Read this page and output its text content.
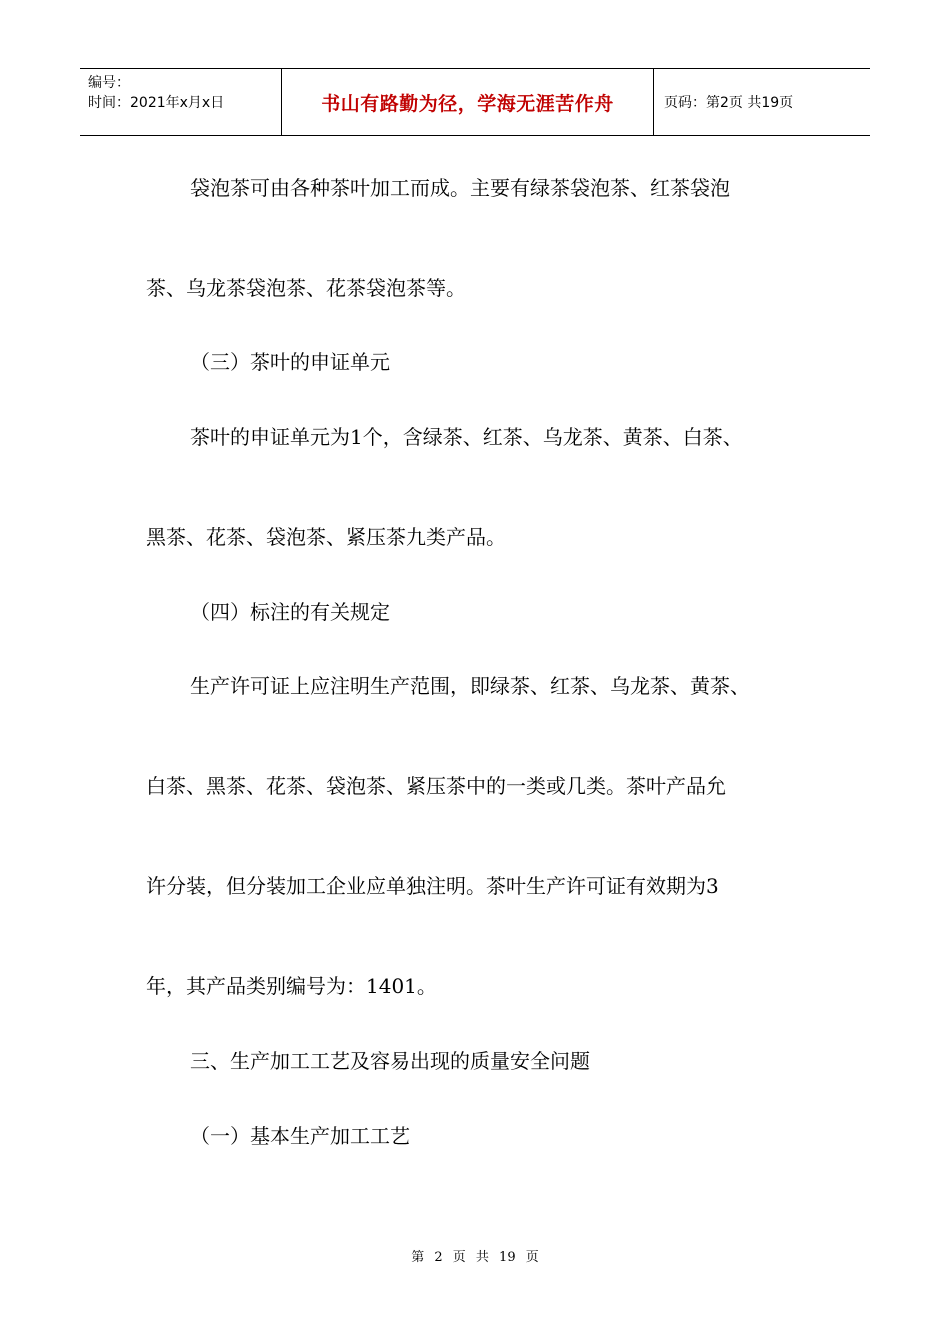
编号：
时间：2021年x月x日	书山有路勤为径，学海无涯苦作舟	页码：第2页 共19页

袋泡茶可由各种茶叶加工而成。主要有绿茶袋泡茶、红茶袋泡

茶、乌龙茶袋泡茶、花茶袋泡茶等。

（三）茶叶的申证单元

茶叶的申证单元为1个，含绿茶、红茶、乌龙茶、黄茶、白茶、

黑茶、花茶、袋泡茶、紧压茶九类产品。

（四）标注的有关规定

生产许可证上应注明生产范围，即绿茶、红茶、乌龙茶、黄茶、

白茶、黑茶、花茶、袋泡茶、紧压茶中的一类或几类。茶叶产品允

许分装，但分装加工企业应单独注明。茶叶生产许可证有效期为3

年，其产品类别编号为：1401。

三、生产加工工艺及容易出现的质量安全问题

（一）基本生产加工工艺

第 2 页 共 19 页
